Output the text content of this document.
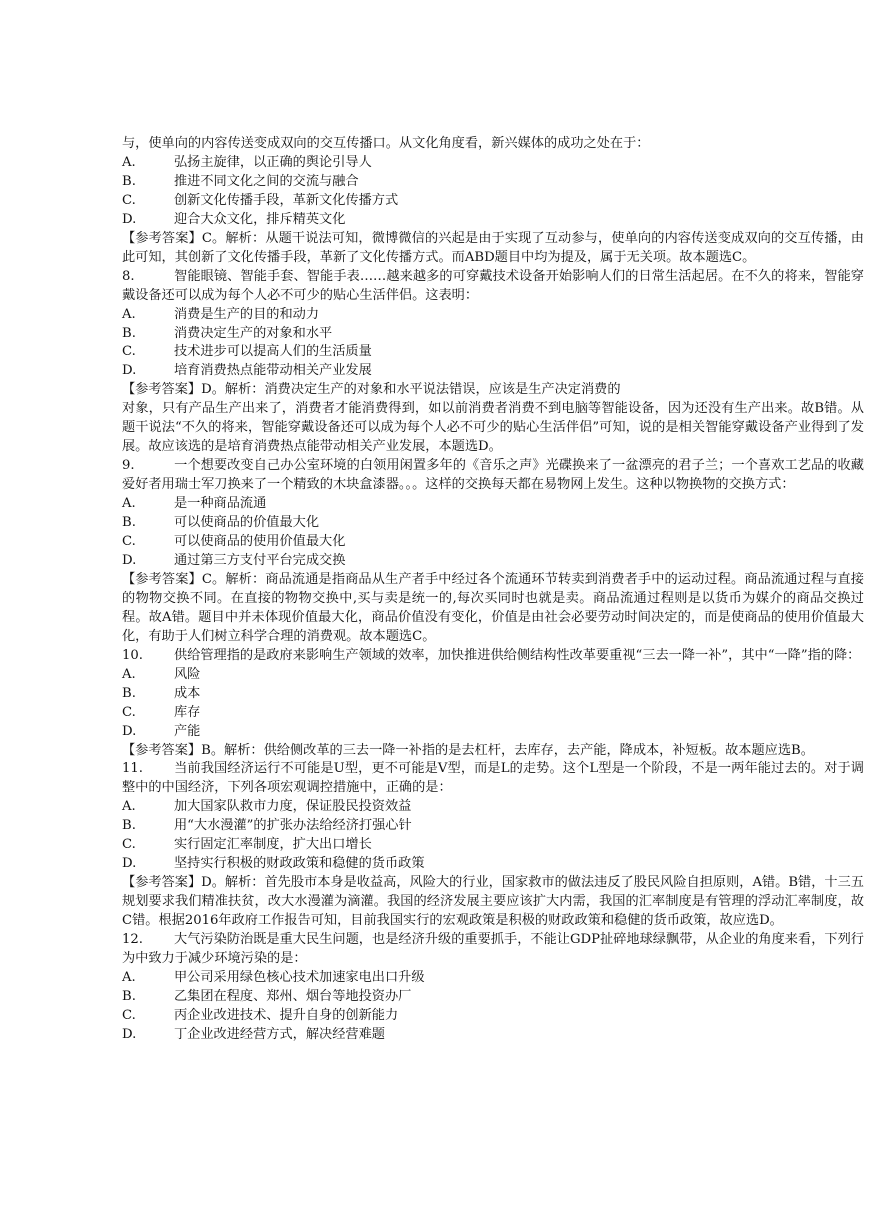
与，使单向的内容传送变成双向的交互传播口。从文化角度看，新兴媒体的成功之处在于：

A.	弘扬主旋律，以正确的舆论引导人
B.	推进不同文化之间的交流与融合
C.	创新文化传播手段，革新文化传播方式
D.	迎合大众文化，排斥精英文化

【参考答案】C。解析：从题干说法可知，微博微信的兴起是由于实现了互动参与，使单向的内容传送变成双向的交互传播，由此可知，其创新了文化传播手段，革新了文化传播方式。而ABD题目中均为提及，属于无关项。故本题选C。

8.	智能眼镜、智能手套、智能手表……越来越多的可穿戴技术设备开始影响人们的日常生活起居。在不久的将来，智能穿戴设备还可以成为每个人必不可少的贴心生活伴侣。这表明：

A.	消费是生产的目的和动力
B.	消费决定生产的对象和水平
C.	技术进步可以提高人们的生活质量
D.	培育消费热点能带动相关产业发展

【参考答案】D。解析：消费决定生产的对象和水平说法错误，应该是生产决定消费的

对象，只有产品生产出来了，消费者才能消费得到，如以前消费者消费不到电脑等智能设备，因为还没有生产出来。故B错。从题干说法“不久的将来，智能穿戴设备还可以成为每个人必不可少的贴心生活伴侣”可知，说的是相关智能穿戴设备产业得到了发展。故应该选的是培育消费热点能带动相关产业发展，本题选D。

9.	一个想要改变自己办公室环境的白领用闲置多年的《音乐之声》光碟换来了一盆漂亮的君子兰；一个喜欢工艺品的收藏爱好者用瑞士军刀换来了一个精致的木块盒漆器。。。这样的交换每天都在易物网上发生。这种以物换物的交换方式：

A.	是一种商品流通
B.	可以使商品的价值最大化
C.	可以使商品的使用价值最大化
D.	通过第三方支付平台完成交换

【参考答案】C。解析：商品流通是指商品从生产者手中经过各个流通环节转卖到消费者手中的运动过程。商品流通过程与直接的物物交换不同。在直接的物物交换中,买与卖是统一的,每次买同时也就是卖。商品流通过程则是以货币为媒介的商品交换过程。故A错。题目中并未体现价值最大化，商品价值没有变化，价值是由社会必要劳动时间决定的，而是使商品的使用价值最大化，有助于人们树立科学合理的消费观。故本题选C。

10. 供给管理指的是政府来影响生产领域的效率，加快推进供给侧结构性改革要重视“三去一降一补”，其中“一降”指的降：

A.	风险
B.	成本
C.	库存
D.	产能

【参考答案】B。解析：供给侧改革的三去一降一补指的是去杠杆，去库存，去产能，降成本，补短板。故本题应选B。

11. 当前我国经济运行不可能是U型，更不可能是V型，而是L的走势。这个L型是一个阶段，不是一两年能过去的。对于调整中的中国经济，下列各项宏观调控措施中，正确的是：

A.	加大国家队救市力度，保证股民投资效益
B.	用“大水漫灌”的扩张办法给经济打强心针
C.	实行固定汇率制度，扩大出口增长
D.	坚持实行积极的财政政策和稳健的货币政策

【参考答案】D。解析：首先股市本身是收益高，风险大的行业，国家救市的做法违反了股民风险自担原则，A错。B错，十三五规划要求我们精准扶贫，改大水漫灌为滴灌。我国的经济发展主要应该扩大内需，我国的汇率制度是有管理的浮动汇率制度，故C错。根据2016年政府工作报告可知，目前我国实行的宏观政策是积极的财政政策和稳健的货币政策，故应选D。

12. 大气污染防治既是重大民生问题，也是经济升级的重要抓手，不能让GDP扯碎地球绿飘带，从企业的角度来看，下列行为中致力于减少环境污染的是：

A.	甲公司采用绿色核心技术加速家电出口升级
B.	乙集团在程度、郑州、烟台等地投资办厂
C.	丙企业改进技术、提升自身的创新能力
D.	丁企业改进经营方式，解决经营难题
